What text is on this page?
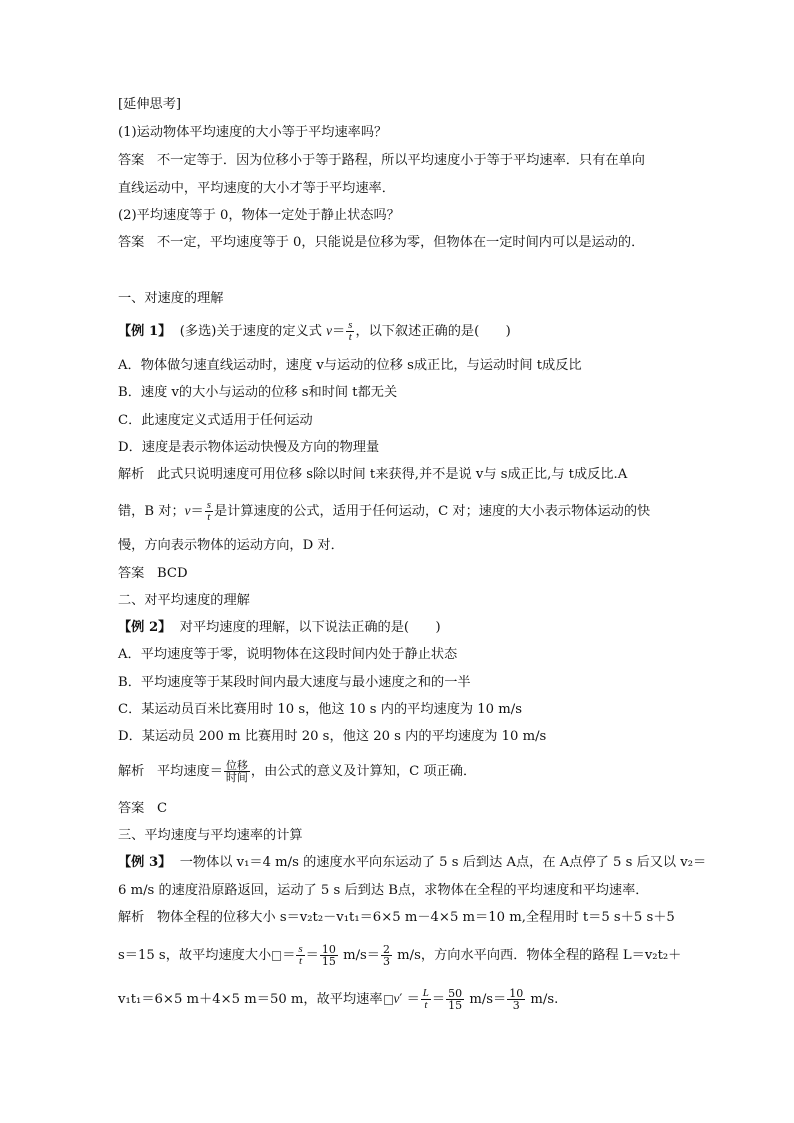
[延伸思考]
(1)运动物体平均速度的大小等于平均速率吗？
答案 不一定等于．因为位移小于等于路程，所以平均速度小于等于平均速率．只有在单向
直线运动中，平均速度的大小才等于平均速率．
(2)平均速度等于 0，物体一定处于静止状态吗？
答案 不一定，平均速度等于 0，只能说是位移为零，但物体在一定时间内可以是运动的．
一、对速度的理解
【例 1】 (多选)关于速度的定义式 $v= \frac{s}{t}$ ，以下叙述正确的是(　　)
A．物体做匀速直线运动时，速度 v与运动的位移 s成正比，与运动时间 t成反比
B．速度 v的大小与运动的位移 s和时间 t都无关
C．此速度定义式适用于任何运动
D．速度是表示物体运动快慢及方向的物理量
解析 此式只说明速度可用位移 s除以时间 t来获得,并不是说 v与 s成正比,与 t成反比.A
错，B 对；$v= \frac{s}{t}$ 是计算速度的公式，适用于任何运动，C 对；速度的大小表示物体运动的快
慢，方向表示物体的运动方向，D 对．
答案 BCD
二、对平均速度的理解
【例 2】 对平均速度的理解，以下说法正确的是(　　)
A．平均速度等于零，说明物体在这段时间内处于静止状态
B．平均速度等于某段时间内最大速度与最小速度之和的一半
C．某运动员百米比赛用时 10 s，他这 10 s 内的平均速度为 10 m/s
D．某运动员 200 m 比赛用时 20 s，他这 20 s 内的平均速度为 10 m/s
解析 平均速度＝ $\frac{\text{位移}}{\text{时间}}$ ，由公式的意义及计算知，C 项正确．
答案 C
三、平均速度与平均速率的计算
【例 3】 一物体以 v₁＝4 m/s 的速度水平向东运动了 5 s 后到达 A点，在 A点停了 5 s 后又以 v₂＝
6 m/s 的速度沿原路返回，运动了 5 s 后到达 B点，求物体在全程的平均速度和平均速率．
解析 物体全程的位移大小 s＝v₂t₂－v₁t₁＝6×5 m－4×5 m＝10 m,全程用时 t＝5 s＋5 s＋5
s＝15 s，故平均速度大小 ＝ $\frac{s}{t} = \frac{10}{15} m/s= \frac{2}{3} m/s$，方向水平向西．物体全程的路程 L＝v₂t₂＋
v₁t₁＝6×5 m＋4×5 m＝50 m，故平均速率 $v' = \frac{L}{t} = \frac{50}{15} m/s= \frac{10}{3} m/s$.
